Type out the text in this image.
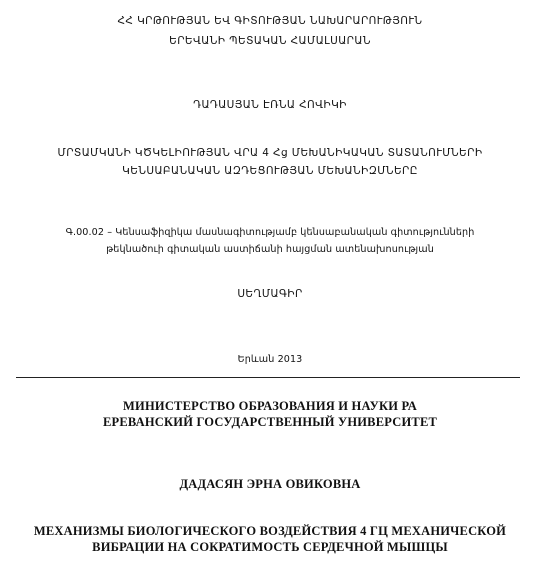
ՀՀ ԿՐԹՈՒԹՅԱՆ ԵՎ ԳԻՏՈՒԹՅԱՆ ՆԱԽԱՐԱՐՈՒԹՅՈՒՆ
ԵՐԵՎԱՆԻ ՊԵՏԱԿԱՆ ՀԱՄԱԼՍԱՐԱՆ
ԴԱԴԱՍՅԱՆ ԷՌՆԱ ՀՈՎԻԿԻ
ՄՐՏԱՄԿԱՆԻ ԿԾԿԵԼԻՈՒԹՅԱՆ ՎՐԱ 4 Հց ՄԵԽԱՆԻԿԱԿԱՆ ՏԱՏԱՆՈՒՄՆԵՐԻ
ԿԵՆՍԱԲԱՆԱԿԱՆ ԱԶԴԵՑՈՒԹՅԱՆ ՄԵԽԱՆԻԶՄՆԵՐԸ
Գ.00.02 – Կենսաֆիզիկա մասնագիտությամբ կենսաբանական գիտությունների
թեկնածուի գիտական աստիճանի հայցման ատենախոսության
ՍԵՂՄԱԳԻՐ
Երևան 2013
МИНИСТЕРСТВО ОБРАЗОВАНИЯ И НАУКИ РА
ЕРЕВАНСКИЙ ГОСУДАРСТВЕННЫЙ УНИВЕРСИТЕТ
ДАДАСЯН ЭРНА ОВИКОВНА
МЕХАНИЗМЫ БИОЛОГИЧЕСКОГО ВОЗДЕЙСТВИЯ 4 ГЦ МЕХАНИЧЕСКОЙ
ВИБРАЦИИ НА СОКРАТИМОСТЬ СЕРДЕЧНОЙ МЫШЦЫ
